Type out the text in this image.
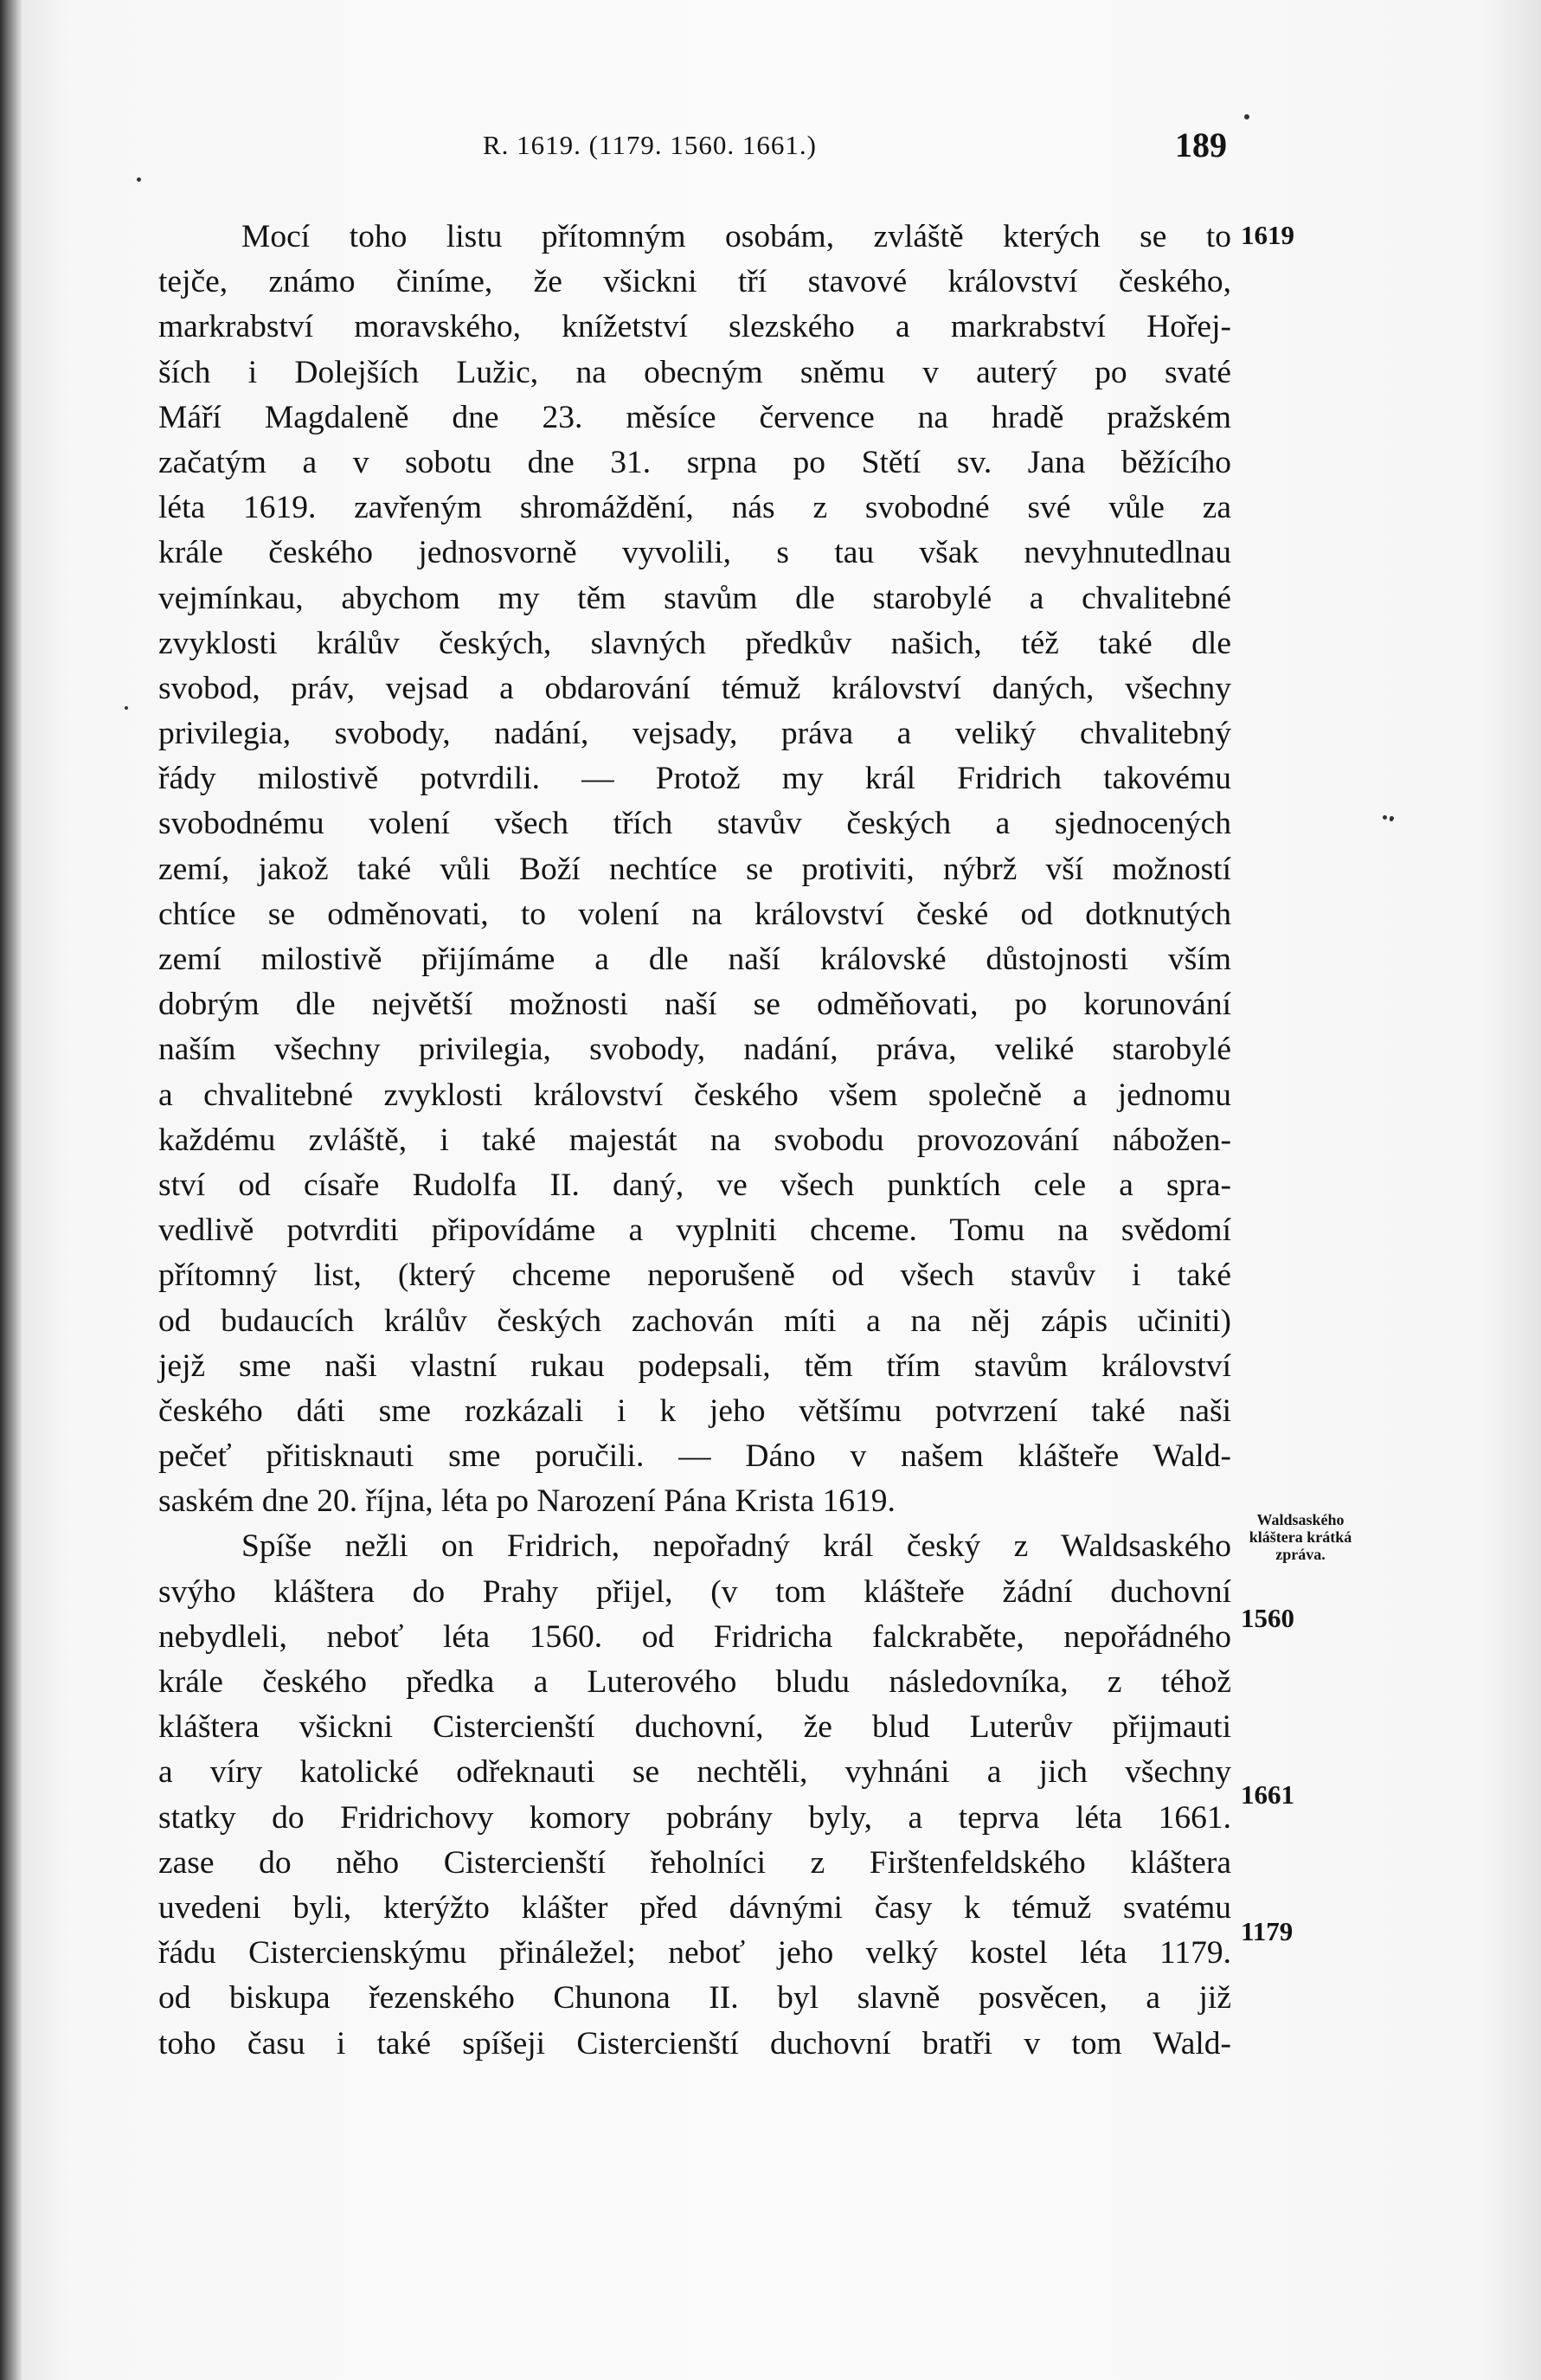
R. 1619. (1179. 1560. 1661.)	189
1619
Waldsaského kláštera krátká zpráva.
1560
1661
1179
Mocí toho listu přítomným osobám, zvláště kterých se to
tejče, známo činíme, že všickni tří stavové království českého,
markrabství moravského, knížetství slezského a markrabství Hořej-
ších i Dolejších Lužic, na obecným sněmu v auterý po svaté
Máří Magdaleně dne 23. měsíce července na hradě pražském
začatým a v sobotu dne 31. srpna po Stětí sv. Jana běžícího
léta 1619. zavřeným shromáždění, nás z svobodné své vůle za
krále českého jednosvorně vyvolili, s tau však nevyhnutedlnau
vejmínkau, abychom my těm stavům dle starobylé a chvalitebné
zvyklosti králův českých, slavných předkův našich, též také dle
svobod, práv, vejsad a obdarování témuž království daných, všechny
privilegia, svobody, nadání, vejsady, práva a veliký chvalitebný
řády milostivě potvrdili. — Protož my král Fridrich takovému
svobodnému volení všech třích stavův českých a sjednocených
zemí, jakož také vůli Boží nechtíce se protiviti, nýbrž vší možností
chtíce se odměnovati, to volení na království české od dotknutých
zemí milostivě přijímáme a dle naší královské důstojnosti vším
dobrým dle největší možnosti naší se odměňovati, po korunování
naším všechny privilegia, svobody, nadání, práva, veliké starobylé
a chvalitebné zvyklosti království českého všem společně a jednomu
každému zvláště, i také majestát na svobodu provozování nábožen-
ství od císaře Rudolfa II. daný, ve všech punktích cele a spra-
vedlivě potvrditi připovídáme a vyplniti chceme. Tomu na svědomí
přítomný list, (který chceme neporušeně od všech stavův i také
od budaucích králův českých zachován míti a na něj zápis učiniti)
jejž sme naši vlastní rukau podepsali, těm třím stavům království
českého dáti sme rozkázali i k jeho většímu potvrzení také naši
pečeť přitisknauti sme poručili. — Dáno v našem klášteře Wald-
saském dne 20. října, léta po Narození Pána Krista 1619.
Spíše nežli on Fridrich, nepořadný král český z Waldsaského
svýho kláštera do Prahy přijel, (v tom klášteře žádní duchovní
nebydleli, neboť léta 1560. od Fridricha falckraběte, nepořádného
krále českého předka a Luterového bludu následovníka, z téhož
kláštera všicknі Cistercienští duchovní, že blud Luterův přijmauti
a víry katolické odřeknauti se nechtěli, vyhnáni a jich všechny
statky do Fridrichovy komory pobrány byly, a teprva léta 1661.
zase do něho Cistercienští řeholníci z Firštenfeldského kláštera
uvedeni byli, kterýžto klášter před dávnými časy k témuž svatému
řádu Cistercienskýmu přináležel; neboť jeho velký kostel léta 1179.
od biskupa řezenského Chunona II. byl slavně posvěcen, a již
toho času i také spíšeji Cistercienští duchovní bratři v tom Wald-
